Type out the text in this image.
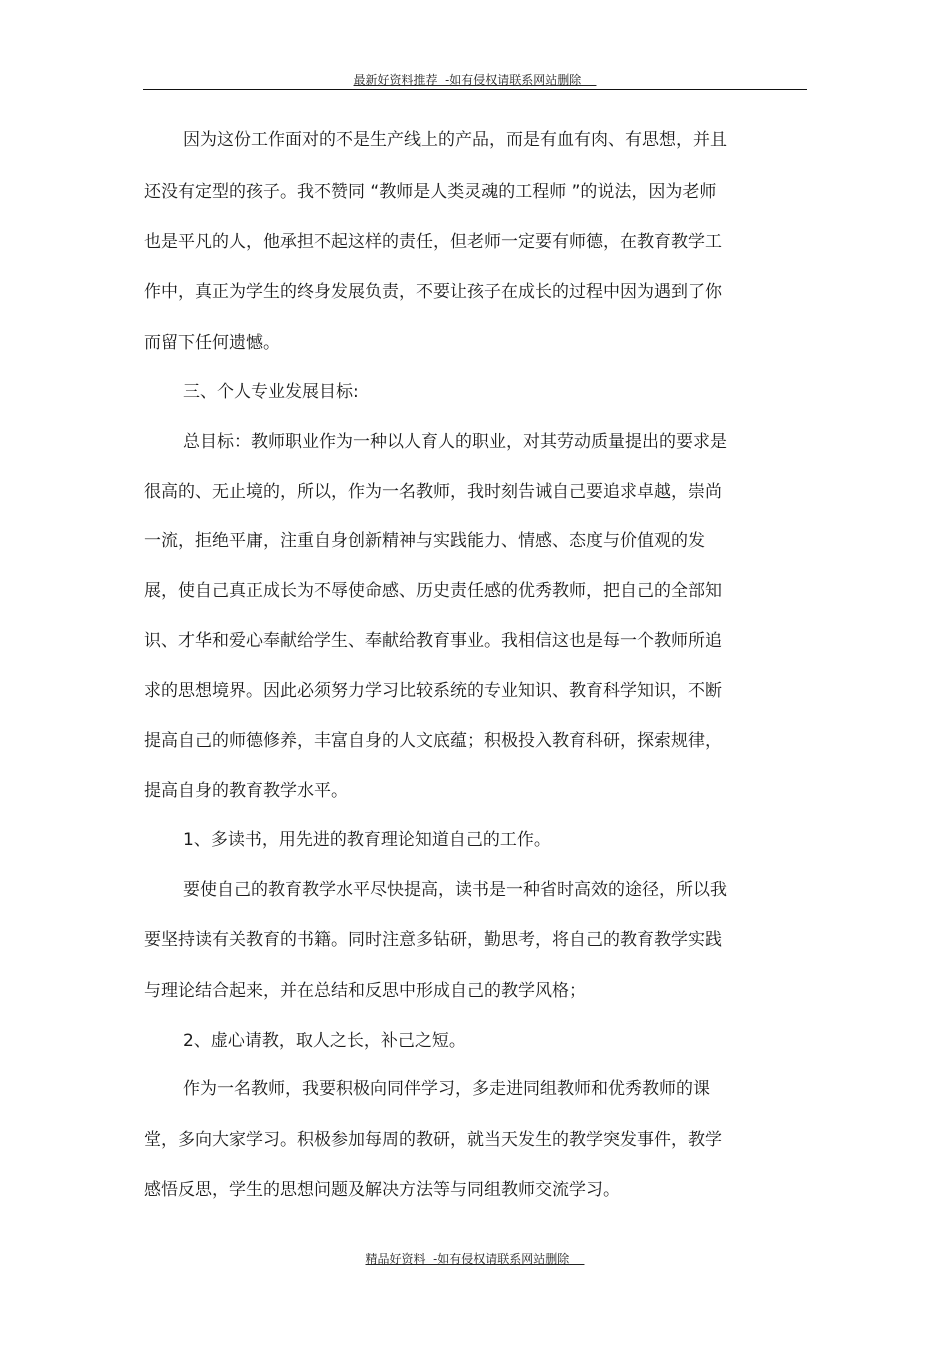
最新好资料推荐  -如有侵权请联系网站删除
因为这份工作面对的不是生产线上的产品，而是有血有肉、有思想，并且
还没有定型的孩子。我不赞同 “教师是人类灵魂的工程师 ”的说法，因为老师
也是平凡的人，他承担不起这样的责任，但老师一定要有师德，在教育教学工
作中，真正为学生的终身发展负责，不要让孩子在成长的过程中因为遇到了你
而留下任何遗憾。
三、个人专业发展目标:
总目标：教师职业作为一种以人育人的职业，对其劳动质量提出的要求是
很高的、无止境的，所以，作为一名教师，我时刻告诫自己要追求卓越，崇尚
一流，拒绝平庸，注重自身创新精神与实践能力、情感、态度与价值观的发
展，使自己真正成长为不辱使命感、历史责任感的优秀教师，把自己的全部知
识、才华和爱心奉献给学生、奉献给教育事业。我相信这也是每一个教师所追
求的思想境界。因此必须努力学习比较系统的专业知识、教育科学知识，不断
提高自己的师德修养，丰富自身的人文底蕴；积极投入教育科研，探索规律，
提高自身的教育教学水平。
1、多读书，用先进的教育理论知道自己的工作。
要使自己的教育教学水平尽快提高，读书是一种省时高效的途径，所以我
要坚持读有关教育的书籍。同时注意多钻研，勤思考，将自己的教育教学实践
与理论结合起来，并在总结和反思中形成自己的教学风格；
2、虚心请教，取人之长，补己之短。
作为一名教师，我要积极向同伴学习，多走进同组教师和优秀教师的课
堂，多向大家学习。积极参加每周的教研，就当天发生的教学突发事件，教学
感悟反思，学生的思想问题及解决方法等与同组教师交流学习。
精品好资料  -如有侵权请联系网站删除
